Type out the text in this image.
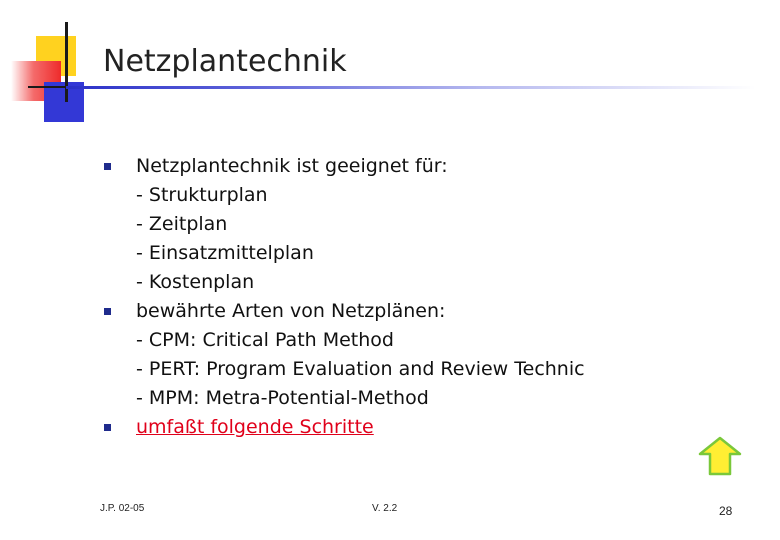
Netzplantechnik
Netzplantechnik ist geeignet für:
- Strukturplan
- Zeitplan
- Einsatzmittelplan
- Kostenplan
bewährte Arten von Netzplänen:
- CPM: Critical Path Method
- PERT: Program Evaluation and Review Technic
- MPM: Metra-Potential-Method
umfaßt folgende Schritte
J.P. 02-05	V. 2.2	28
